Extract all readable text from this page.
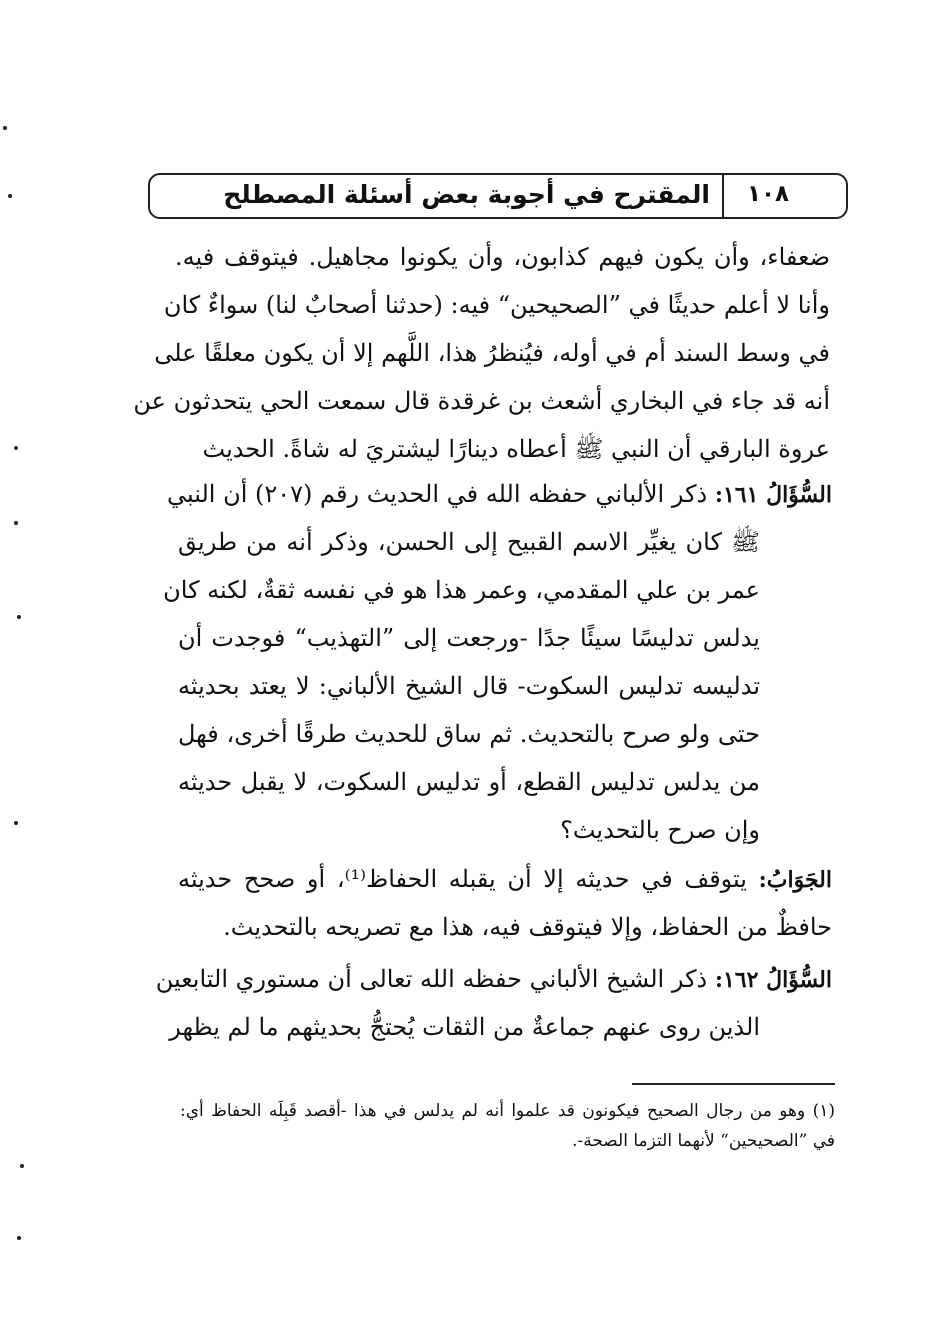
المقترح في أجوبة بعض أسئلة المصطلح	١٠٨
ضعفاء، وأن يكون فيهم كذابون، وأن يكونوا مجاهيل. فيتوقف فيه.
وأنا لا أعلم حديثًا في ”الصحيحين“ فيه: (حدثنا أصحابٌ لنا) سواءٌ كان
في وسط السند أم في أوله، فيُنظرُ هذا، اللَّهم إلا أن يكون معلقًا على
أنه قد جاء في البخاري أشعث بن غرقدة قال سمعت الحي يتحدثون عن
عروة البارقي أن النبي ﷺ أعطاه دينارًا ليشتريَ له شاةً. الحديث
السُّؤَالُ ١٦١: ذكر الألباني حفظه الله في الحديث رقم (٢٠٧) أن النبي
ﷺ كان يغيِّر الاسم القبيح إلى الحسن، وذكر أنه من طريق
عمر بن علي المقدمي، وعمر هذا هو في نفسه ثقةٌ، لكنه كان
يدلس تدليسًا سيئًا جدًا -ورجعت إلى ”التهذيب“ فوجدت أن
تدليسه تدليس السكوت- قال الشيخ الألباني: لا يعتد بحديثه
حتى ولو صرح بالتحديث. ثم ساق للحديث طرقًا أخرى، فهل
من يدلس تدليس القطع، أو تدليس السكوت، لا يقبل حديثه
وإن صرح بالتحديث؟
الجَوَابُ: يتوقف في حديثه إلا أن يقبله الحفاظ⁽¹⁾، أو صحح حديثه
حافظٌ من الحفاظ، وإلا فيتوقف فيه، هذا مع تصريحه بالتحديث.
السُّؤَالُ ١٦٢: ذكر الشيخ الألباني حفظه الله تعالى أن مستوري التابعين
الذين روى عنهم جماعةٌ من الثقات يُحتجُّ بحديثهم ما لم يظهر
(١) وهو من رجال الصحيح فيكونون قد علموا أنه لم يدلس في هذا -أقصد قَبِلَه الحفاظ أي:
في ”الصحيحين“ لأنهما التزما الصحة-.
